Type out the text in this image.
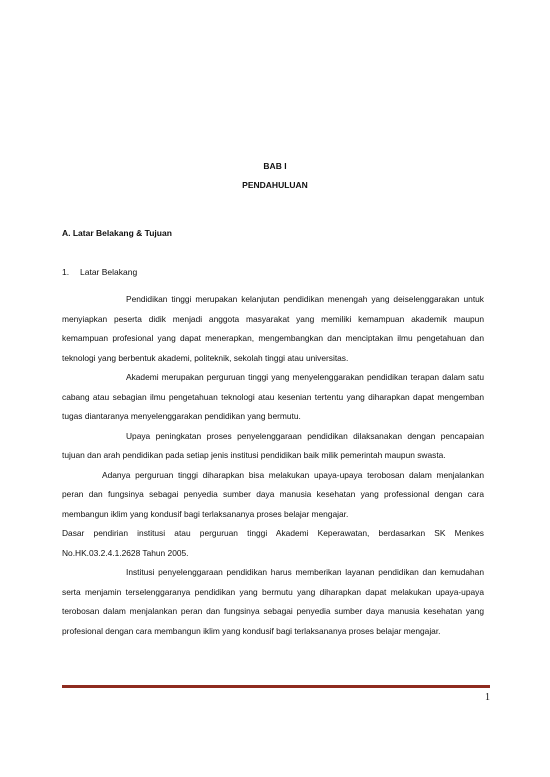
BAB I
PENDAHULUAN
A. Latar Belakang & Tujuan
1. Latar Belakang

Pendidikan tinggi merupakan kelanjutan pendidikan menengah yang deiselenggarakan untuk menyiapkan peserta didik menjadi anggota masyarakat yang memiliki kemampuan akademik maupun kemampuan profesional yang dapat menerapkan, mengembangkan dan menciptakan ilmu pengetahuan dan teknologi yang berbentuk akademi, politeknik, sekolah tinggi atau universitas.

Akademi merupakan perguruan tinggi yang menyelenggarakan pendidikan terapan dalam satu cabang atau sebagian ilmu pengetahuan teknologi atau kesenian tertentu yang diharapkan dapat mengemban tugas diantaranya menyelenggarakan pendidikan yang bermutu.

Upaya peningkatan proses penyelenggaraan pendidikan dilaksanakan dengan pencapaian tujuan dan arah pendidikan pada setiap jenis institusi pendidikan baik milik pemerintah maupun swasta.

Adanya perguruan tinggi diharapkan bisa melakukan upaya-upaya terobosan dalam menjalankan peran dan fungsinya sebagai penyedia sumber daya manusia kesehatan yang professional dengan cara membangun iklim yang kondusif bagi terlaksananya proses belajar mengajar.

Dasar pendirian institusi atau perguruan tinggi Akademi Keperawatan, berdasarkan SK Menkes No.HK.03.2.4.1.2628 Tahun 2005.

Institusi penyelenggaraan pendidikan harus memberikan layanan pendidikan dan kemudahan serta menjamin terselenggaranya pendidikan yang bermutu yang diharapkan dapat melakukan upaya-upaya terobosan dalam menjalankan peran dan fungsinya sebagai penyedia sumber daya manusia kesehatan yang profesional dengan cara membangun iklim yang kondusif bagi terlaksananya proses belajar mengajar.

1
